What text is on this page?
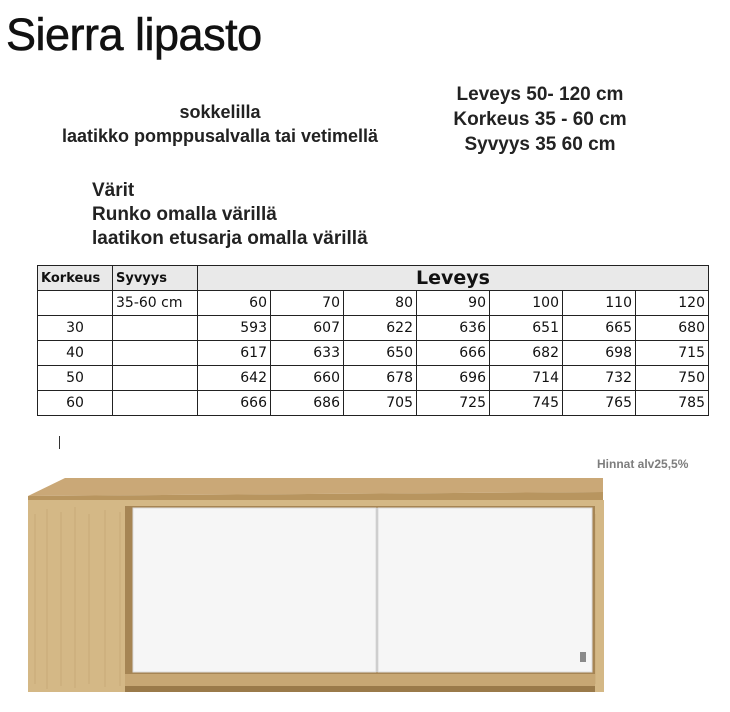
Sierra lipasto
sokkelilla
laatikko pomppusalvalla tai vetimellä
Leveys 50- 120 cm
Korkeus 35 - 60 cm
Syvyys 35 60 cm
Värit
Runko omalla värillä
laatikon etusarja omalla värillä
Korkeus	Syvyys	Leveys						
	35-60 cm	60	70	80	90	100	110	120
30		593	607	622	636	651	665	680
40		617	633	650	666	682	698	715
50		642	660	678	696	714	732	750
60		666	686	705	725	745	765	785
Hinnat alv25,5%
